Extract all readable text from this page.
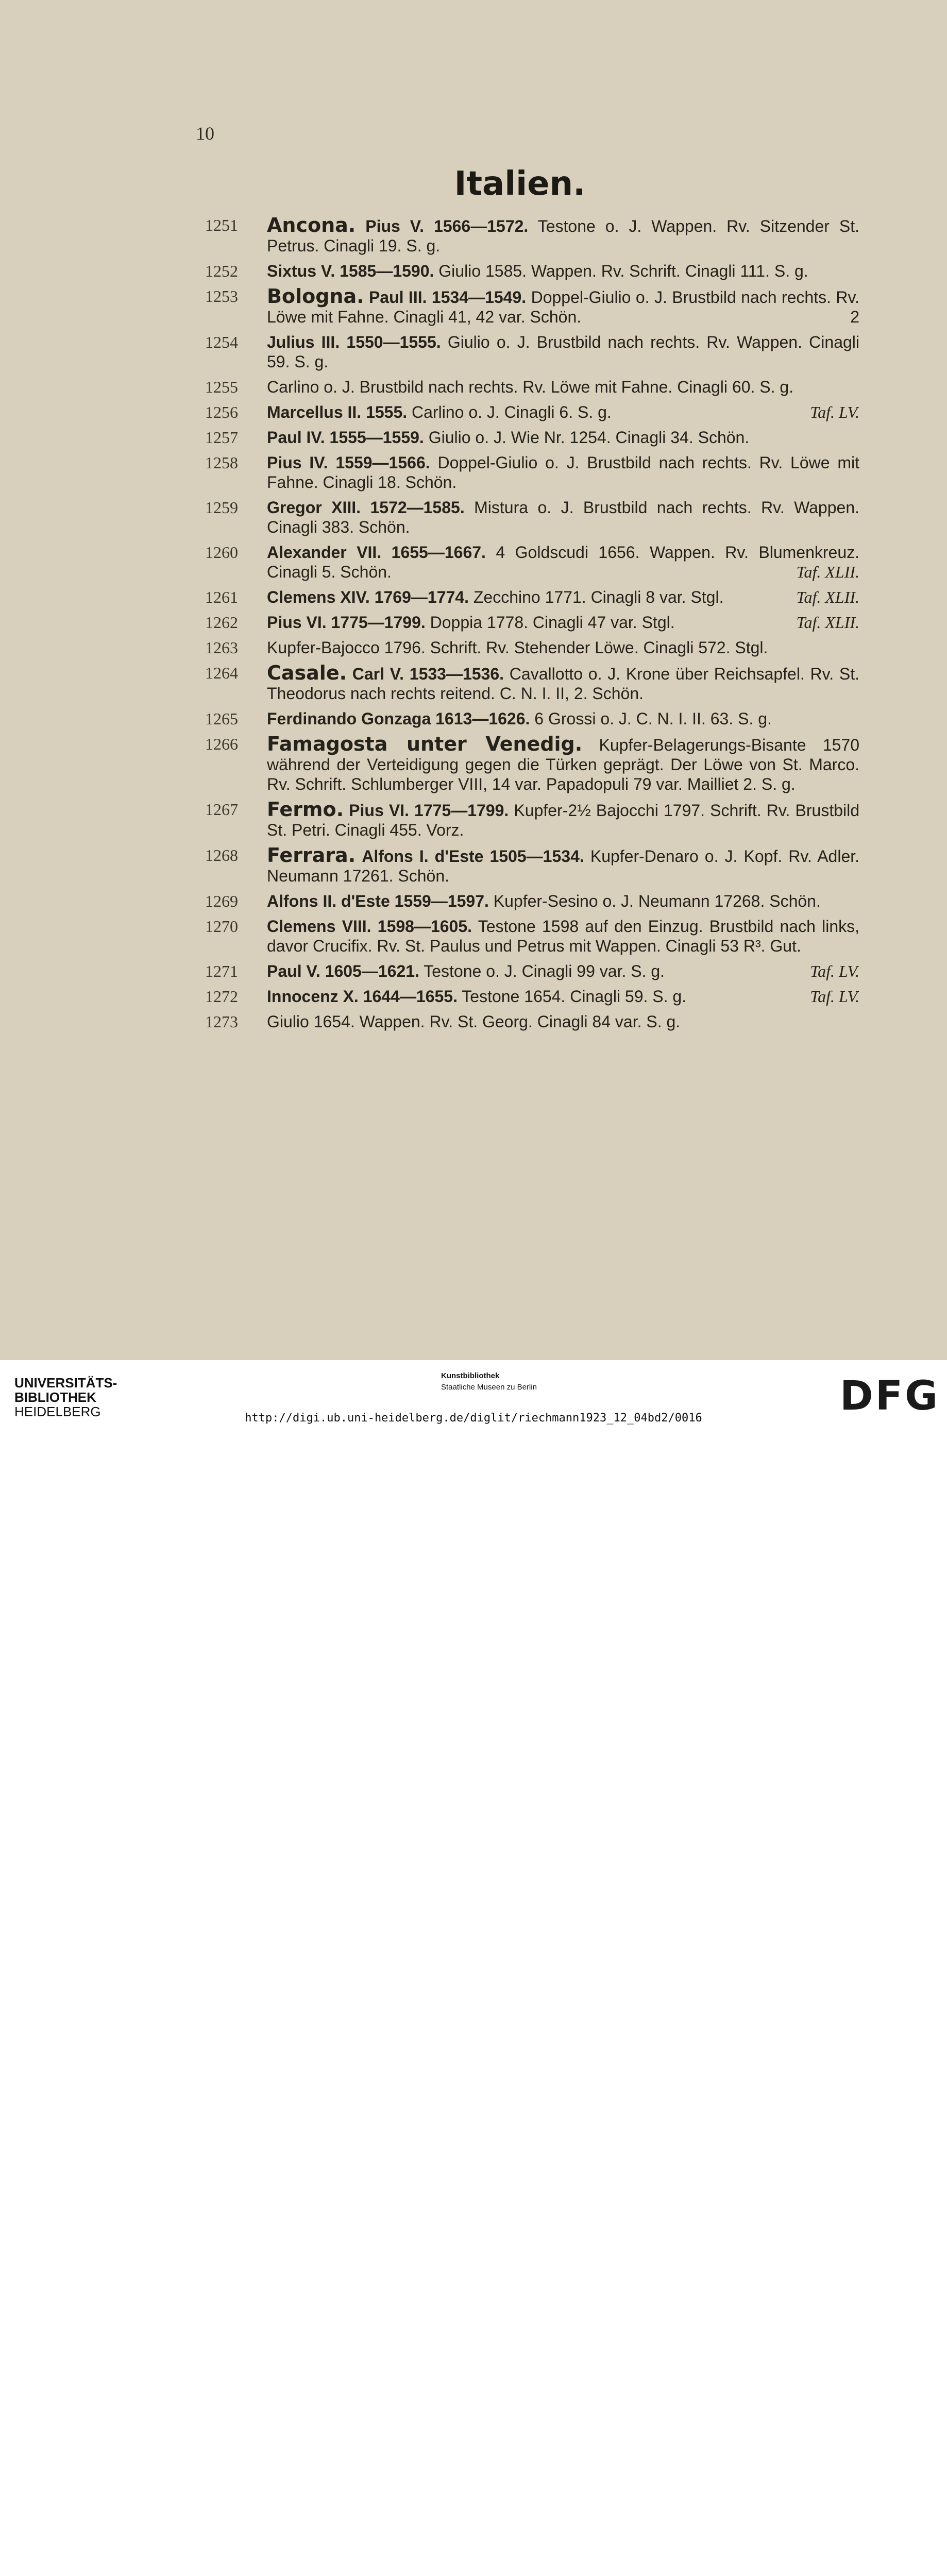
10
Italien.
1251	Ancona. Pius V. 1566—1572. Testone o. J. Wappen. Rv. Sitzender St. Petrus. Cinagli 19. S. g.
1252	Sixtus V. 1585—1590. Giulio 1585. Wappen. Rv. Schrift. Cinagli 111. S. g.
1253	Bologna. Paul III. 1534—1549. Doppel-Giulio o. J. Brustbild nach rechts. Rv. Löwe mit Fahne. Cinagli 41, 42 var. Schön.	2
1254	Julius III. 1550—1555. Giulio o. J. Brustbild nach rechts. Rv. Wappen. Cinagli 59. S. g.
1255	Carlino o. J. Brustbild nach rechts. Rv. Löwe mit Fahne. Cinagli 60. S. g.
1256	Marcellus II. 1555. Carlino o. J. Cinagli 6. S. g.	Taf. LV.
1257	Paul IV. 1555—1559. Giulio o. J. Wie Nr. 1254. Cinagli 34. Schön.
1258	Pius IV. 1559—1566. Doppel-Giulio o. J. Brustbild nach rechts. Rv. Löwe mit Fahne. Cinagli 18. Schön.
1259	Gregor XIII. 1572—1585. Mistura o. J. Brustbild nach rechts. Rv. Wappen. Cinagli 383. Schön.
1260	Alexander VII. 1655—1667. 4 Goldscudi 1656. Wappen. Rv. Blumenkreuz. Cinagli 5. Schön.	Taf. XLII.
1261	Clemens XIV. 1769—1774. Zecchino 1771. Cinagli 8 var. Stgl.	Taf. XLII.
1262	Pius VI. 1775—1799. Doppia 1778. Cinagli 47 var. Stgl.	Taf. XLII.
1263	Kupfer-Bajocco 1796. Schrift. Rv. Stehender Löwe. Cinagli 572. Stgl.
1264	Casale. Carl V. 1533—1536. Cavallotto o. J. Krone über Reichsapfel. Rv. St. Theodorus nach rechts reitend. C. N. I. II, 2. Schön.
1265	Ferdinando Gonzaga 1613—1626. 6 Grossi o. J. C. N. I. II. 63. S. g.
1266	Famagosta unter Venedig. Kupfer-Belagerungs-Bisante 1570 während der Verteidigung gegen die Türken geprägt. Der Löwe von St. Marco. Rv. Schrift. Schlumberger VIII, 14 var. Papadopuli 79 var. Mailliet 2. S. g.
1267	Fermo. Pius VI. 1775—1799. Kupfer-2½ Bajocchi 1797. Schrift. Rv. Brustbild St. Petri. Cinagli 455. Vorz.
1268	Ferrara. Alfons I. d'Este 1505—1534. Kupfer-Denaro o. J. Kopf. Rv. Adler. Neumann 17261. Schön.
1269	Alfons II. d'Este 1559—1597. Kupfer-Sesino o. J. Neumann 17268. Schön.
1270	Clemens VIII. 1598—1605. Testone 1598 auf den Einzug. Brustbild nach links, davor Crucifix. Rv. St. Paulus und Petrus mit Wappen. Cinagli 53 R³. Gut.
1271	Paul V. 1605—1621. Testone o. J. Cinagli 99 var. S. g.	Taf. LV.
1272	Innocenz X. 1644—1655. Testone 1654. Cinagli 59. S. g.	Taf. LV.
1273	Giulio 1654. Wappen. Rv. St. Georg. Cinagli 84 var. S. g.
UNIVERSITÄTS-
BIBLIOTHEK
HEIDELBERG
Kunstbibliothek
Staatliche Museen zu Berlin	DFG
http://digi.ub.uni-heidelberg.de/diglit/riechmann1923_12_04bd2/0016
